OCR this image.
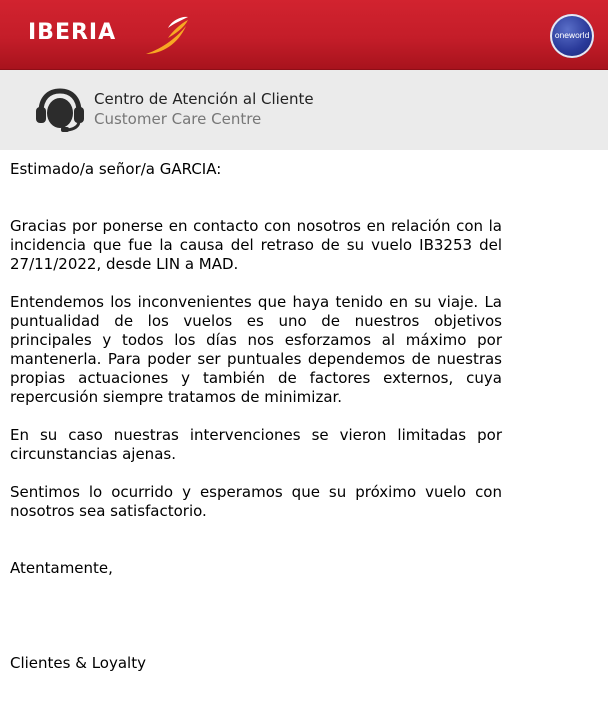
IBERIA	oneworld
Centro de Atención al Cliente
Customer Care Centre

Estimado/a señor/a GARCIA:

Gracias por ponerse en contacto con nosotros en relación con la incidencia que fue la causa del retraso de su vuelo IB3253 del 27/11/2022, desde LIN a MAD.

Entendemos los inconvenientes que haya tenido en su viaje. La puntualidad de los vuelos es uno de nuestros objetivos principales y todos los días nos esforzamos al máximo por mantenerla. Para poder ser puntuales dependemos de nuestras propias actuaciones y también de factores externos, cuya repercusión siempre tratamos de minimizar.

En su caso nuestras intervenciones se vieron limitadas por circunstancias ajenas.

Sentimos lo ocurrido y esperamos que su próximo vuelo con nosotros sea satisfactorio.

Atentamente,

Clientes & Loyalty
